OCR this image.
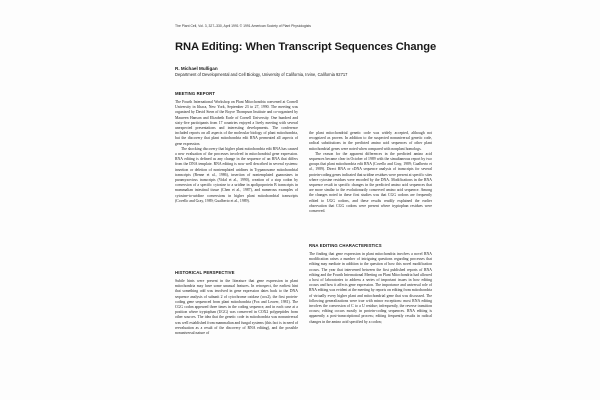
The Plant Cell, Vol. 3, 327–330, April 1991 © 1991 American Society of Plant Physiologists
RNA Editing: When Transcript Sequences Change
R. Michael Mulligan
Department of Developmental and Cell Biology, University of California, Irvine, California 92717
MEETING REPORT

The Fourth International Workshop on Plant Mitochondria convened at Cornell University in Ithaca, New York, September 23 to 27, 1990. The meeting was organized by David Stern of the Boyce Thompson Institute and co-organized by Maureen Hanson and Elizabeth Earle of Cornell University. One hundred and sixty-five participants from 17 countries enjoyed a lively meeting with several unexpected presentations and interesting developments. The conference included reports on all aspects of the molecular biology of plant mitochondria, but the discovery that plant mitochondria edit RNA permeated all aspects of gene expression.

The shocking discovery that higher plant mitochondria edit RNA has caused a new evaluation of the processes involved in mitochondrial gene expression. RNA editing is defined as any change in the sequence of an RNA that differs from the DNA template. RNA editing is now well described in several systems: insertion or deletion of nontemplated uridines in Trypanosome mitochondrial transcripts (Benne et al., 1986), insertion of nontemplated guanosines in paramyxovirus transcripts (Vidal et al., 1990), creation of a stop codon by conversion of a specific cytosine to a uridine in apolipoprotein B transcripts in mammalian intestinal tissue (Chen et al., 1987), and numerous examples of cytosine-to-uridine conversions in higher plant mitochondrial transcripts (Covello and Gray, 1989; Gualberto et al., 1989).

HISTORICAL PERSPECTIVE

Subtle hints were present in the literature that gene expression in plant mitochondria may have some unusual features. In retrospect, the earliest hint that something odd was involved in gene expression dates back to the DNA sequence analysis of subunit 2 of cytochrome oxidase (cox2), the first protein-coding gene sequenced from plant mitochondria (Fox and Leaver, 1981). The CGG codon appeared three times in the coding sequence, and in each case at a position where tryptophan (UGG) was conserved in COX2 polypeptides from other sources. The idea that the genetic code in mitochondria was nonuniversal was well established from mammalian and fungal systems (this fact is in need of reevaluation as a result of the discovery of RNA editing), and the possible nonuniversal nature of

the plant mitochondrial genetic code was widely accepted, although not recognized as proven. In addition to the suspected nonuniversal genetic code, radical substitutions in the predicted amino acid sequences of other plant mitochondrial genes were noted when compared with nonplant homologs.

The reason for the apparent differences in the predicted amino acid sequences became clear in October of 1989 with the simultaneous report by two groups that plant mitochondria edit RNA (Covello and Gray, 1989; Gualberto et al., 1989). Direct RNA or cDNA sequence analysis of transcripts for several protein-coding genes indicated that uridine residues were present at specific sites where cytosine residues were encoded by the DNA. Modifications in the RNA sequence result in specific changes in the predicted amino acid sequences that are more similar to the evolutionarily conserved amino acid sequence. Among the changes noted in these first studies was that CGG codons are frequently edited to UGG codons, and these results readily explained the earlier observation that CGG codons were present where tryptophan residues were conserved.

RNA EDITING CHARACTERISTICS

The finding that gene expression in plant mitochondria involves a novel RNA modification raises a number of intriguing questions regarding processes that editing may mediate in addition to the question of how this novel modification occurs. The year that intervened between the first published reports of RNA editing and the Fourth International Meeting on Plant Mitochondria had allowed a host of laboratories to address a series of important issues in how editing occurs and how it affects gene expression. The importance and universal role of RNA editing was evident at the meeting by reports on editing from mitochondria of virtually every higher plant and mitochondrial gene that was discussed. The following generalizations were true with minor exceptions: most RNA editing involves the conversion of C to a U residue; infrequently, the reverse transition occurs; editing occurs mostly in protein-coding sequences. RNA editing is apparently a post-transcriptional process; editing frequently results in radical changes in the amino acid specified by a codon;
